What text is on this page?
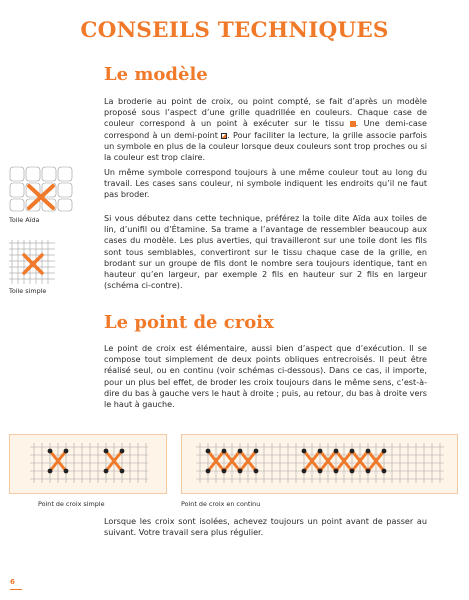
CONSEILS TECHNIQUES
Le modèle
La broderie au point de croix, ou point compté, se fait d’après un modèle proposé sous l’aspect d’une grille quadrillée en couleurs. Chaque case de couleur correspond à un point à exécuter sur le tissu . Une demi-case correspond à un demi-point . Pour faciliter la lecture, la grille associe parfois un symbole en plus de la couleur lorsque deux couleurs sont trop proches ou si la couleur est trop claire.
Un même symbole correspond toujours à une même couleur tout au long du travail. Les cases sans couleur, ni symbole indiquent les endroits qu’il ne faut pas broder.
Si vous débutez dans cette technique, préférez la toile dite Aïda aux toiles de lin, d’unifil ou d’Étamine. Sa trame a l’avantage de ressembler beaucoup aux cases du modèle. Les plus averties, qui travailleront sur une toile dont les fils sont tous semblables, convertiront sur le tissu chaque case de la grille, en brodant sur un groupe de fils dont le nombre sera toujours identique, tant en hauteur qu’en largeur, par exemple 2 fils en hauteur sur 2 fils en largeur (schéma ci-contre).
Toile Aïda
Toile simple
Le point de croix
Le point de croix est élémentaire, aussi bien d’aspect que d’exécution. Il se compose tout simplement de deux points obliques entrecroisés. Il peut être réalisé seul, ou en continu (voir schémas ci-dessous). Dans ce cas, il importe, pour un plus bel effet, de broder les croix toujours dans le même sens, c’est-à-dire du bas à gauche vers le haut à droite ; puis, au retour, du bas à droite vers le haut à gauche.
Point de croix simple	Point de croix en continu
Lorsque les croix sont isolées, achevez toujours un point avant de passer au suivant. Votre travail sera plus régulier.
6
